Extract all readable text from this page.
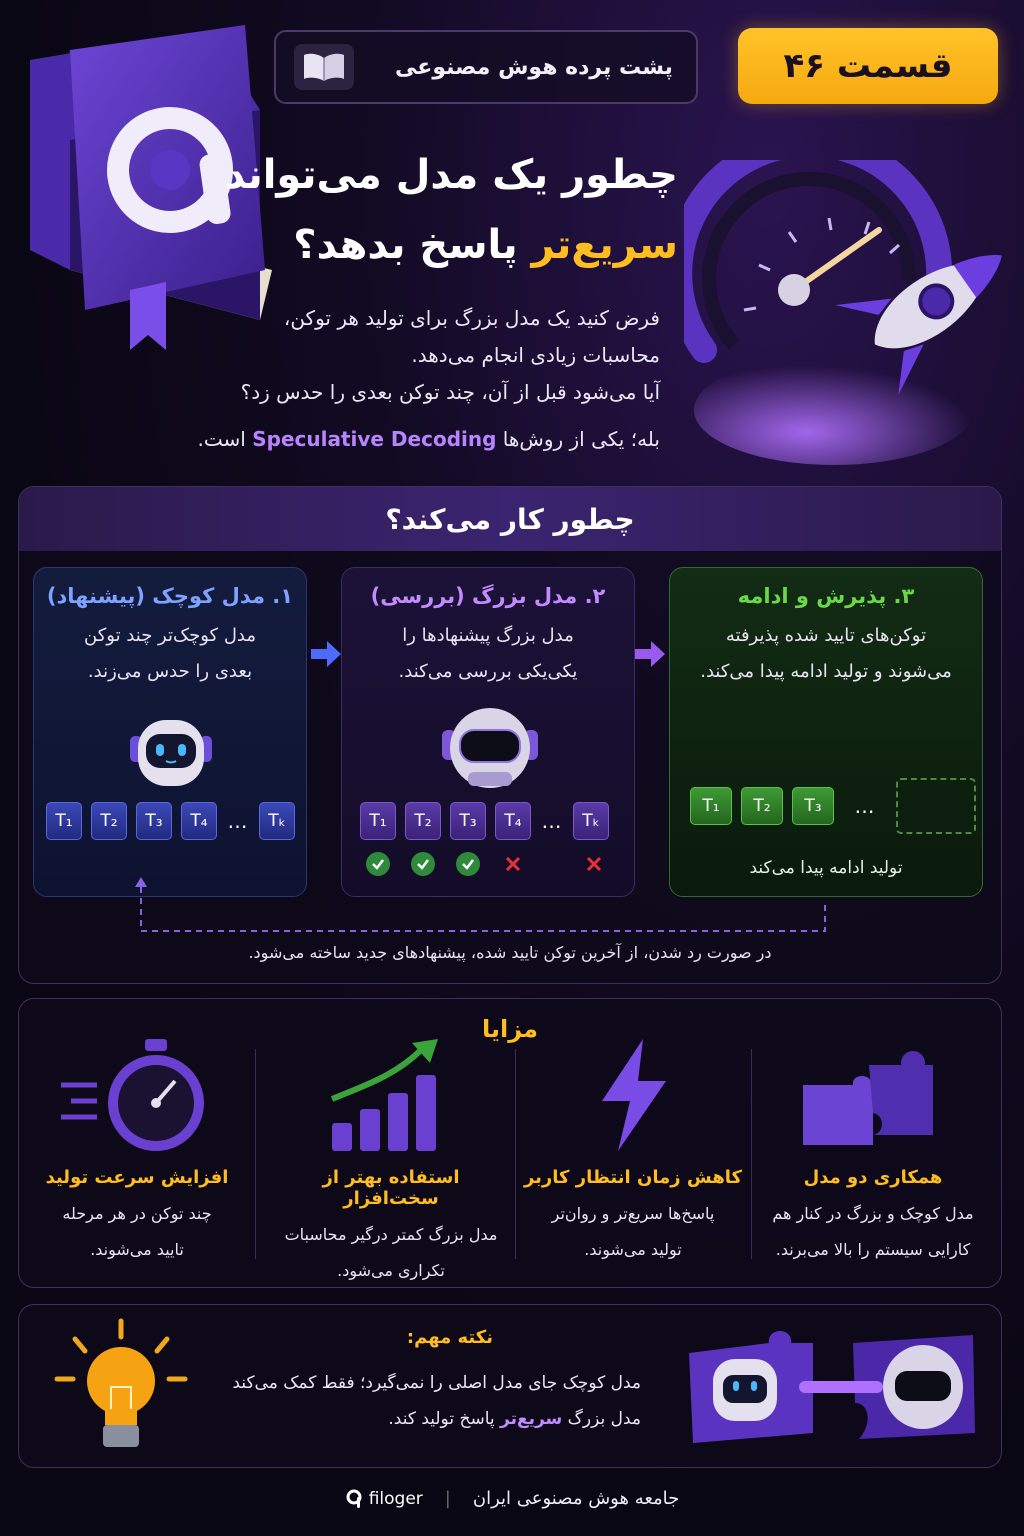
قسمت ۴۶
پشت پرده هوش مصنوعی
چطور یک مدل می‌تواند
سریع‌تر پاسخ بدهد؟

فرض کنید یک مدل بزرگ برای تولید هر توکن،

محاسبات زیادی انجام می‌دهد.

آیا می‌شود قبل از آن، چند توکن بعدی را حدس زد؟

بله؛ یکی از روش‌ها Speculative Decoding است.

چطور کار می‌کند؟
۱. مدل کوچک (پیشنهاد)
مدل کوچک‌تر چند توکن
بعدی را حدس می‌زند.
T₁	T₂	T₃	T₄ …	Tₖ
۲. مدل بزرگ (بررسی)
مدل بزرگ پیشنهادها را
یکی‌یکی بررسی می‌کند.
T₁	T₂	T₃	T₄ …	Tₖ
۳. پذیرش و ادامه
توکن‌های تایید شده پذیرفته
می‌شوند و تولید ادامه پیدا می‌کند.
T₁	T₂	T₃	…
تولید ادامه پیدا می‌کند
در صورت رد شدن، از آخرین توکن تایید شده، پیشنهادهای جدید ساخته می‌شود.
مزایا
همکاری دو مدل
مدل کوچک و بزرگ در کنار هم
کارایی سیستم را بالا می‌برند.
کاهش زمان انتظار کاربر
پاسخ‌ها سریع‌تر و روان‌تر
تولید می‌شوند.
استفاده بهتر از سخت‌افزار
مدل بزرگ کمتر درگیر محاسبات
تکراری می‌شود.
افزایش سرعت تولید
چند توکن در هر مرحله
تایید می‌شوند.
نکته مهم:
مدل کوچک جای مدل اصلی را نمی‌گیرد؛ فقط کمک می‌کند
مدل بزرگ سریع‌تر پاسخ تولید کند.
filoger | جامعه هوش مصنوعی ایران
